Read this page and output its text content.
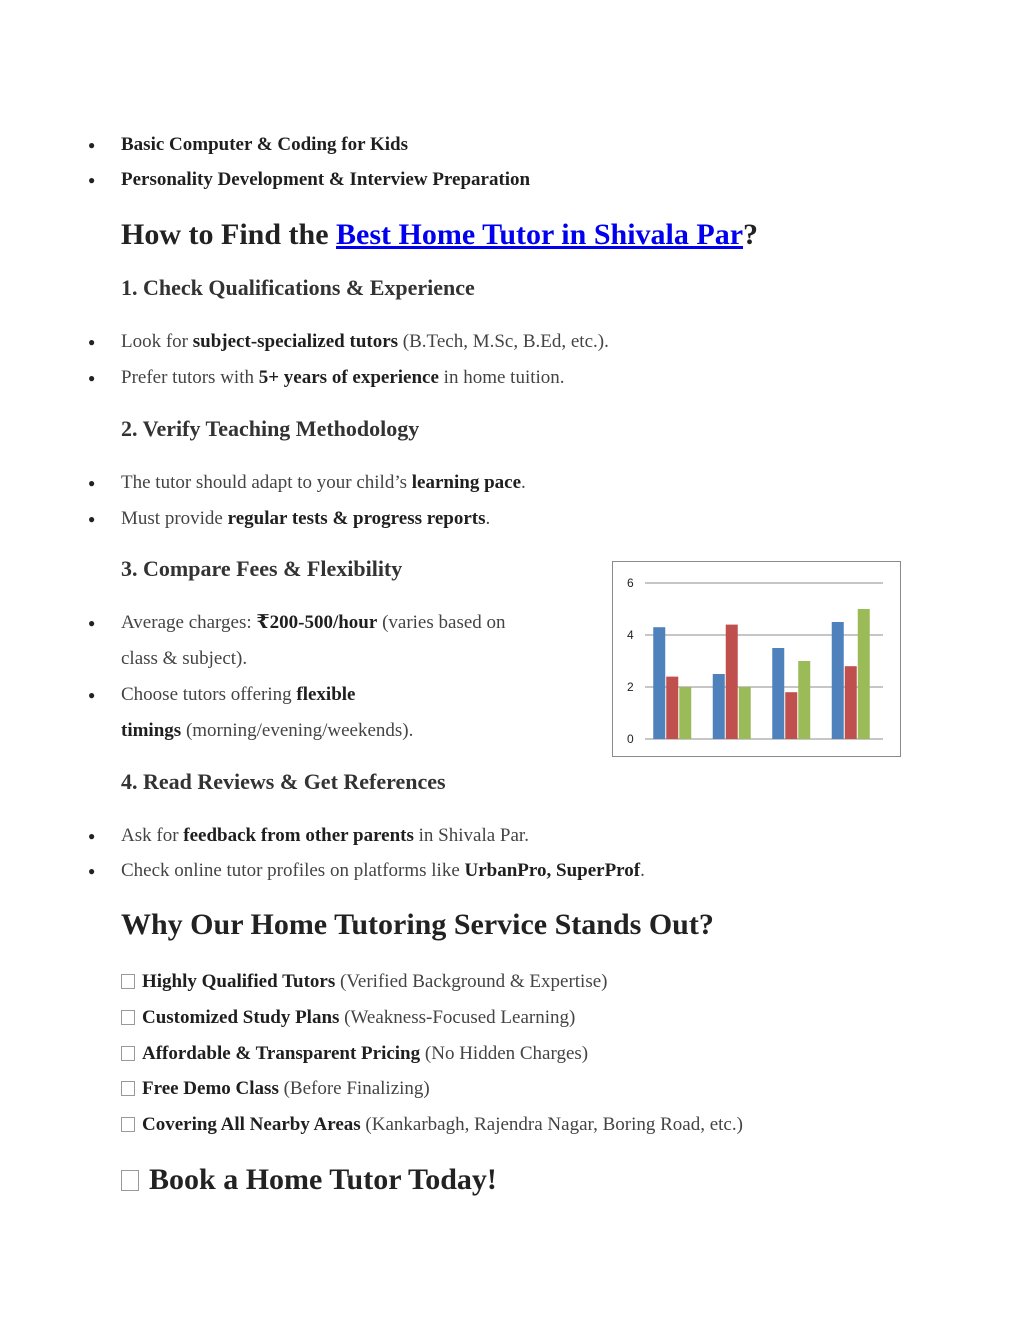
● Basic Computer & Coding for Kids
● Personality Development & Interview Preparation
How to Find the Best Home Tutor in Shivala Par?
1. Check Qualifications & Experience
● Look for subject-specialized tutors (B.Tech, M.Sc, B.Ed, etc.).
● Prefer tutors with 5+ years of experience in home tuition.
2. Verify Teaching Methodology
● The tutor should adapt to your child’s learning pace.
● Must provide regular tests & progress reports.
3. Compare Fees & Flexibility
● Average charges: ₹200-500/hour (varies based on
class & subject).
● Choose tutors offering flexible
timings (morning/evening/weekends).	0
2
4
6
4. Read Reviews & Get References
● Ask for feedback from other parents in Shivala Par.
● Check online tutor profiles on platforms like UrbanPro, SuperProf.
Why Our Home Tutoring Service Stands Out?
Highly Qualified Tutors (Verified Background & Expertise)
Customized Study Plans (Weakness-Focused Learning)
Affordable & Transparent Pricing (No Hidden Charges)
Free Demo Class (Before Finalizing)
Covering All Nearby Areas (Kankarbagh, Rajendra Nagar, Boring Road, etc.)
Book a Home Tutor Today!
